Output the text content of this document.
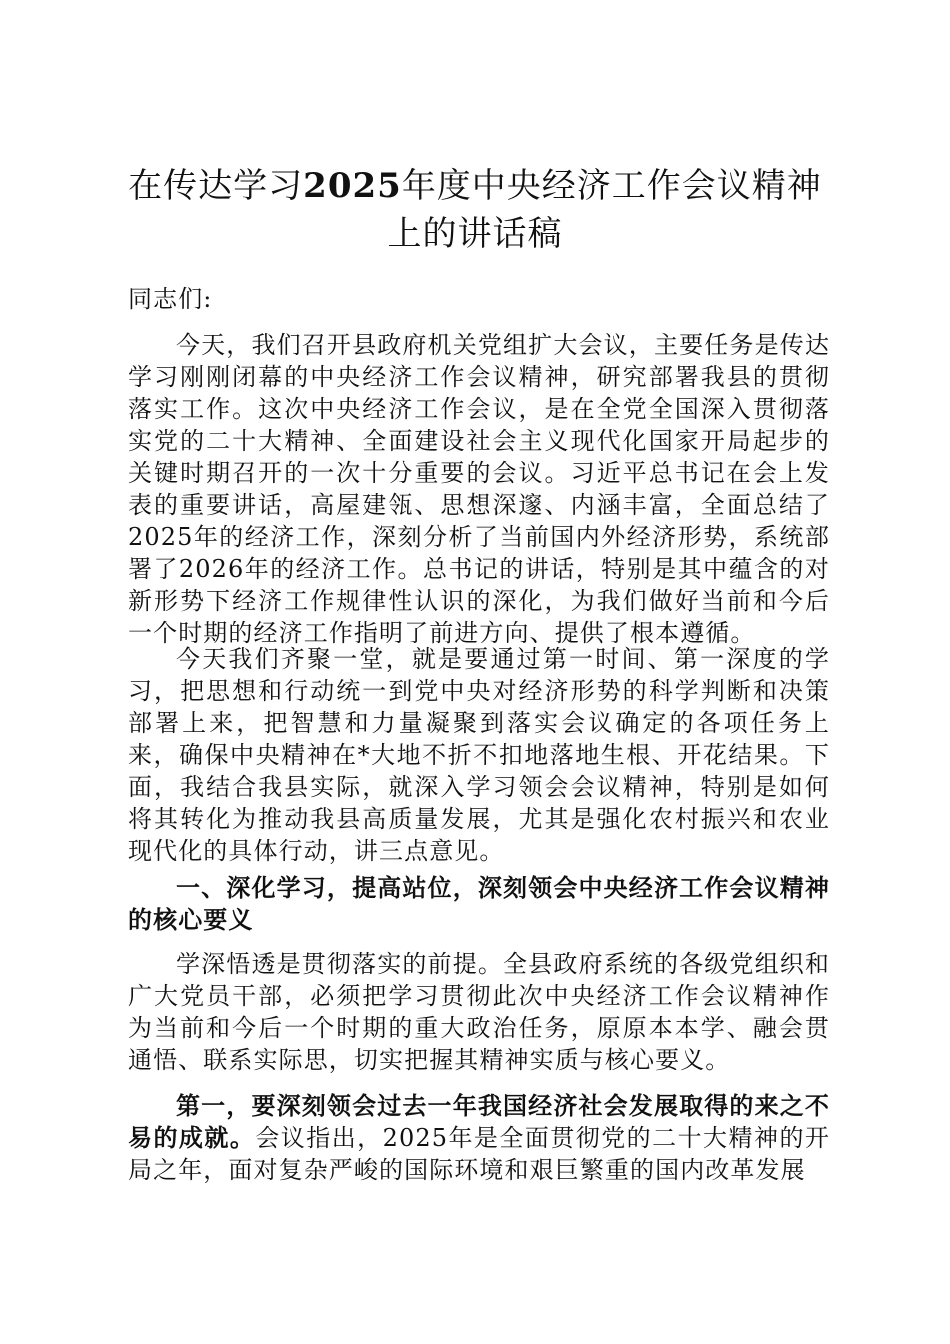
在传达学习2025年度中央经济工作会议精神
上的讲话稿
同志们:
今天，我们召开县政府机关党组扩大会议，主要任务是传达学习刚刚闭幕的中央经济工作会议精神，研究部署我县的贯彻落实工作。这次中央经济工作会议，是在全党全国深入贯彻落实党的二十大精神、全面建设社会主义现代化国家开局起步的关键时期召开的一次十分重要的会议。习近平总书记在会上发表的重要讲话，高屋建瓴、思想深邃、内涵丰富，全面总结了2025年的经济工作，深刻分析了当前国内外经济形势，系统部署了2026年的经济工作。总书记的讲话，特别是其中蕴含的对新形势下经济工作规律性认识的深化，为我们做好当前和今后一个时期的经济工作指明了前进方向、提供了根本遵循。
今天我们齐聚一堂，就是要通过第一时间、第一深度的学习，把思想和行动统一到党中央对经济形势的科学判断和决策部署上来，把智慧和力量凝聚到落实会议确定的各项任务上来，确保中央精神在*大地不折不扣地落地生根、开花结果。下面，我结合我县实际，就深入学习领会会议精神，特别是如何将其转化为推动我县高质量发展，尤其是强化农村振兴和农业现代化的具体行动，讲三点意见。
一、深化学习，提高站位，深刻领会中央经济工作会议精神的核心要义
学深悟透是贯彻落实的前提。全县政府系统的各级党组织和广大党员干部，必须把学习贯彻此次中央经济工作会议精神作为当前和今后一个时期的重大政治任务，原原本本学、融会贯通悟、联系实际思，切实把握其精神实质与核心要义。
第一，要深刻领会过去一年我国经济社会发展取得的来之不易的成就。会议指出，2025年是全面贯彻党的二十大精神的开局之年，面对复杂严峻的国际环境和艰巨繁重的国内改革发展
